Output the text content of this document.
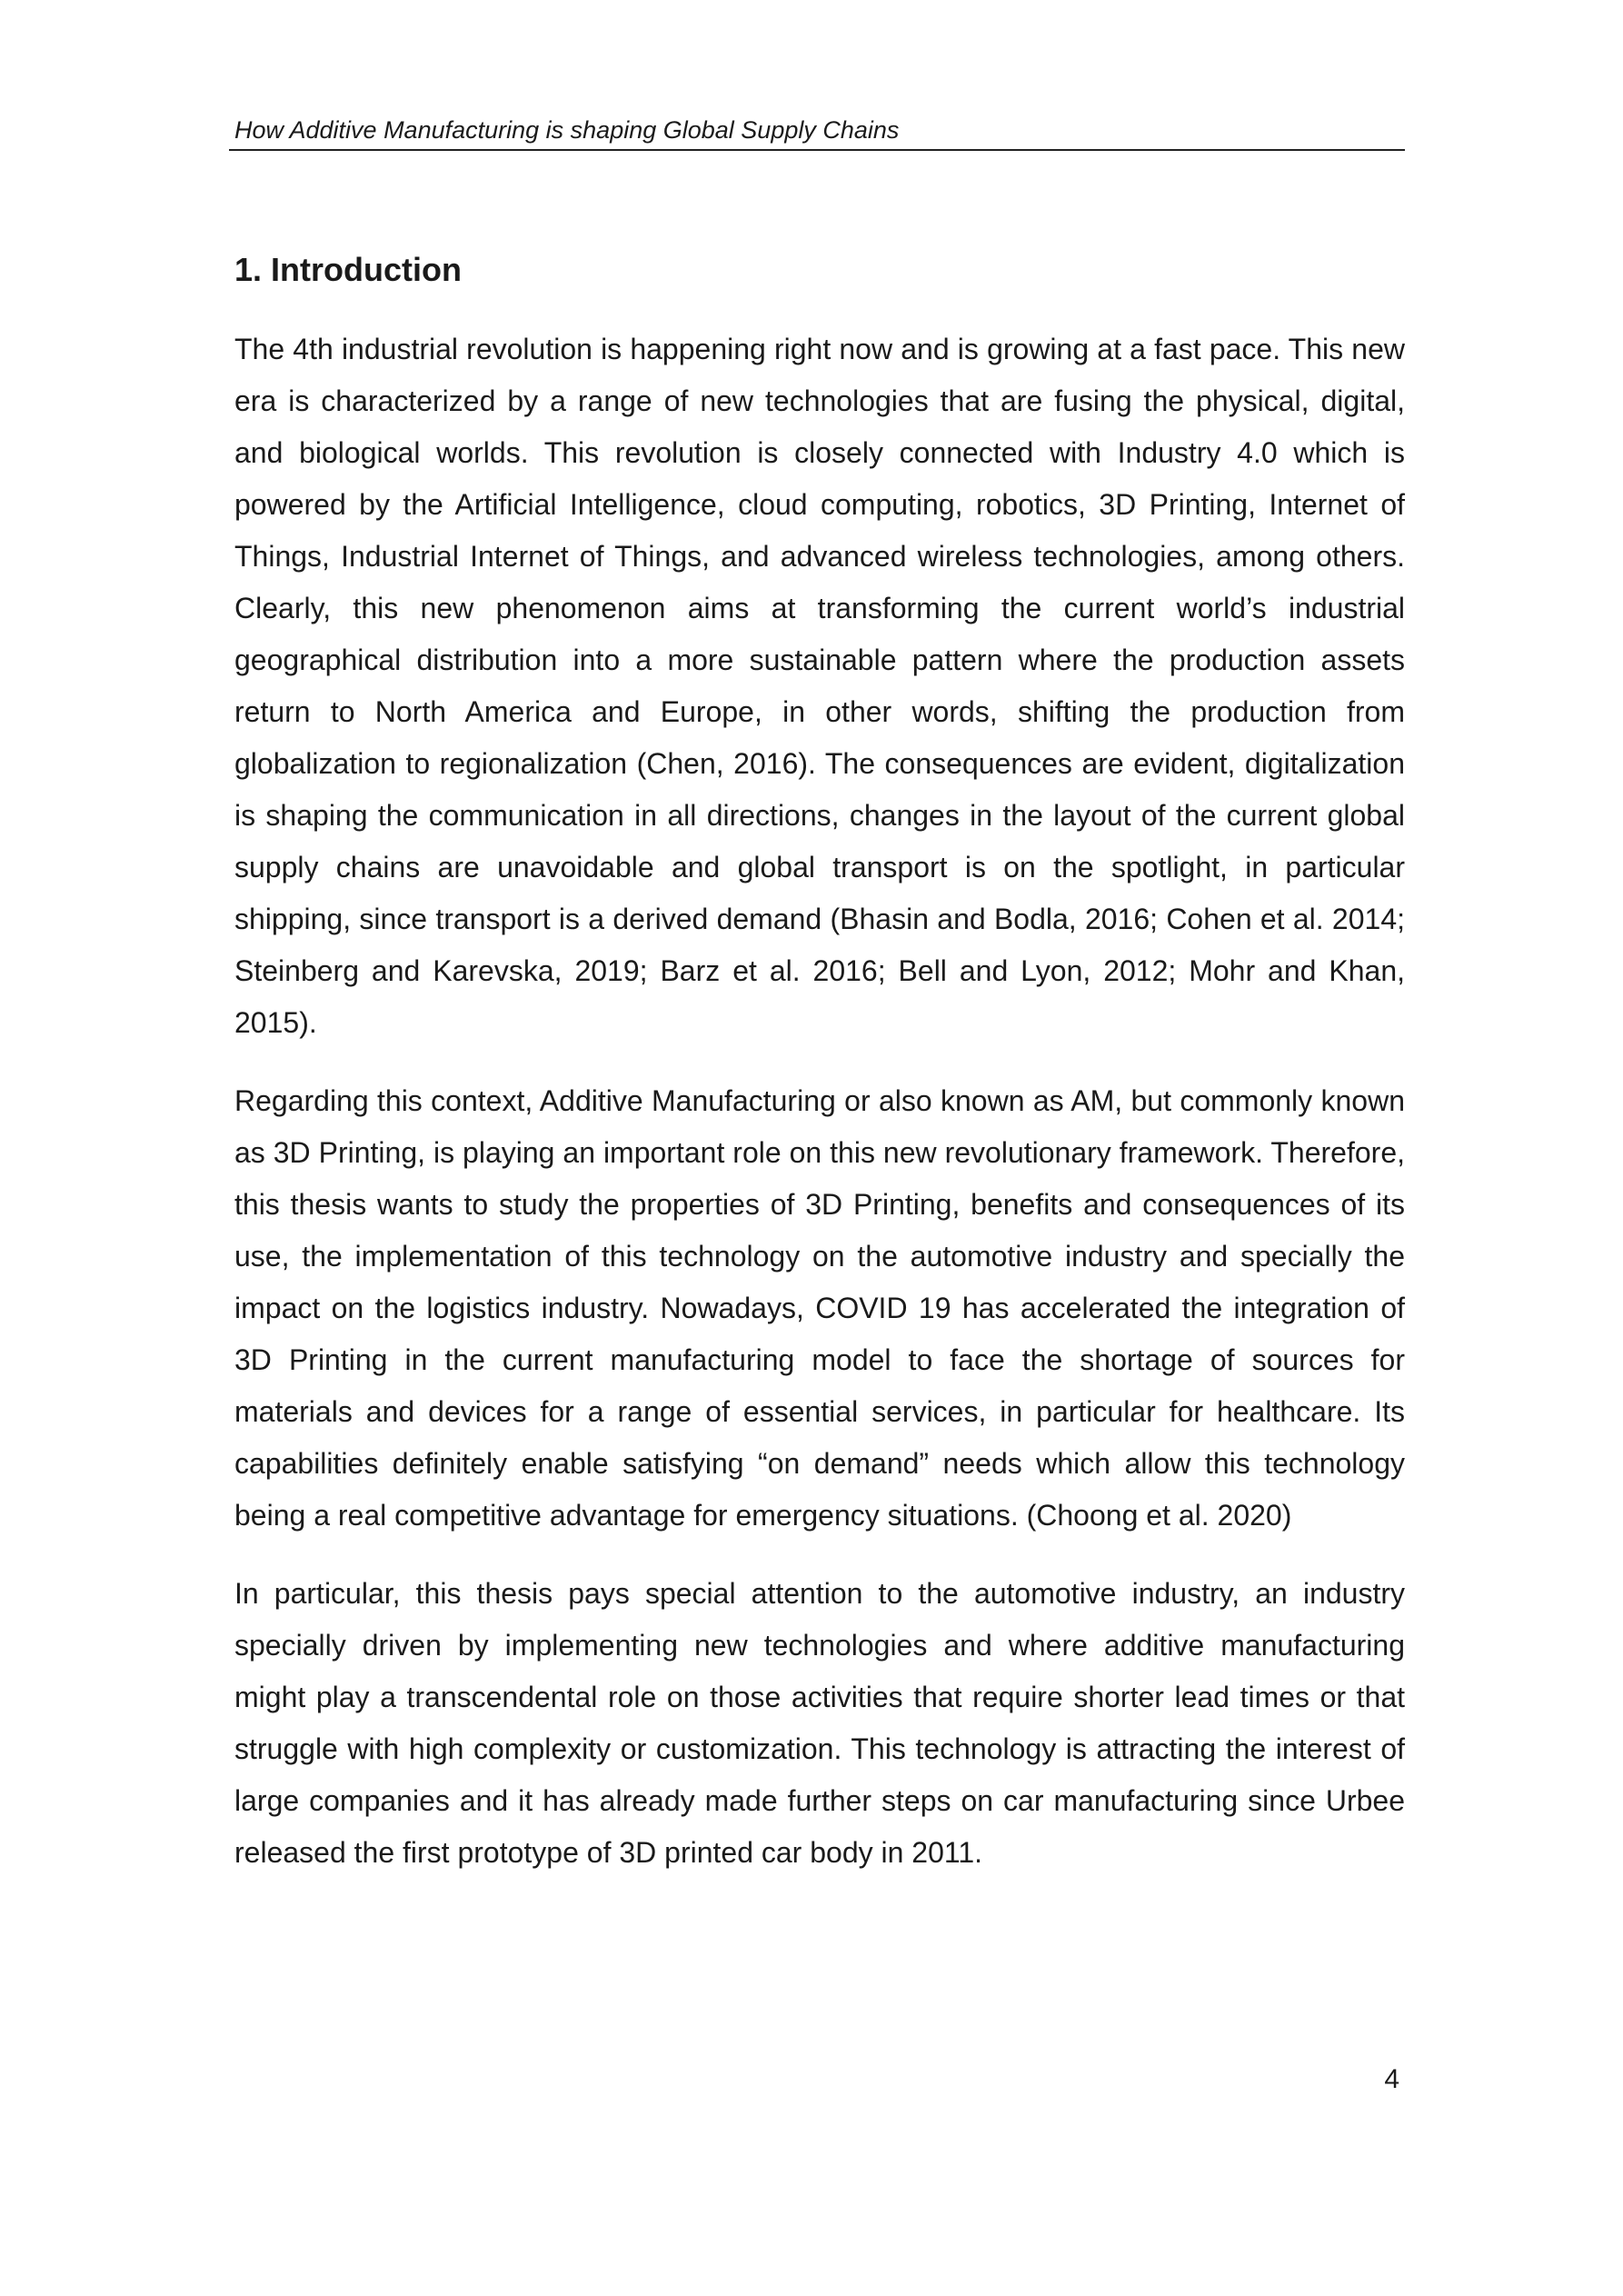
How Additive Manufacturing is shaping Global Supply Chains
1. Introduction

The 4th industrial revolution is happening right now and is growing at a fast pace. This new era is characterized by a range of new technologies that are fusing the physical, digital, and biological worlds. This revolution is closely connected with Industry 4.0 which is powered by the Artificial Intelligence, cloud computing, robotics, 3D Printing, Internet of Things, Industrial Internet of Things, and advanced wireless technologies, among others. Clearly, this new phenomenon aims at transforming the current world’s industrial geographical distribution into a more sustainable pattern where the production assets return to North America and Europe, in other words, shifting the production from globalization to regionalization (Chen, 2016). The consequences are evident, digitalization is shaping the communication in all directions, changes in the layout of the current global supply chains are unavoidable and global transport is on the spotlight, in particular shipping, since transport is a derived demand (Bhasin and Bodla, 2016; Cohen et al. 2014; Steinberg and Karevska, 2019; Barz et al. 2016; Bell and Lyon, 2012; Mohr and Khan, 2015).

Regarding this context, Additive Manufacturing or also known as AM, but commonly known as 3D Printing, is playing an important role on this new revolutionary framework. Therefore, this thesis wants to study the properties of 3D Printing, benefits and consequences of its use, the implementation of this technology on the automotive industry and specially the impact on the logistics industry. Nowadays, COVID 19 has accelerated the integration of 3D Printing in the current manufacturing model to face the shortage of sources for materials and devices for a range of essential services, in particular for healthcare. Its capabilities definitely enable satisfying “on demand” needs which allow this technology being a real competitive advantage for emergency situations. (Choong et al. 2020)

In particular, this thesis pays special attention to the automotive industry, an industry specially driven by implementing new technologies and where additive manufacturing might play a transcendental role on those activities that require shorter lead times or that struggle with high complexity or customization. This technology is attracting the interest of large companies and it has already made further steps on car manufacturing since Urbee released the first prototype of 3D printed car body in 2011.

4
